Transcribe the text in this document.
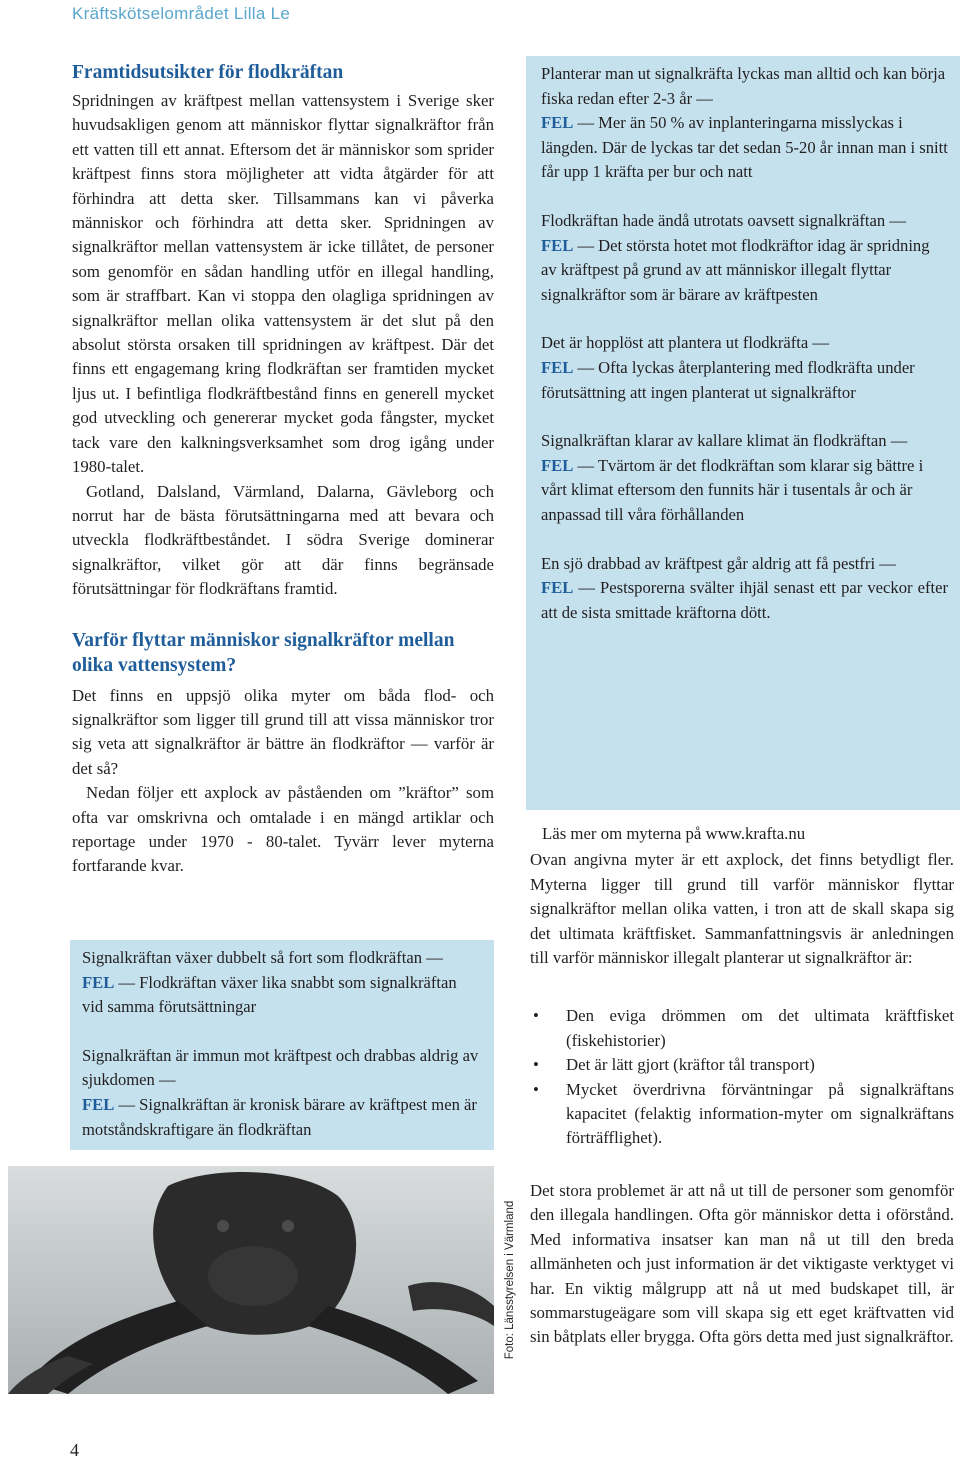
Kräftskötselområdet Lilla Le
Framtidsutsikter för flodkräftan

Spridningen av kräftpest mellan vattensystem i Sverige sker huvudsakligen genom att människor flyttar signalkräftor från ett vatten till ett annat. Eftersom det är människor som sprider kräftpest finns stora möjligheter att vidta åtgärder för att förhindra att detta sker. Tillsammans kan vi påverka människor och förhindra att detta sker. Spridningen av signalkräftor mellan vattensystem är icke tillåtet, de personer som genomför en sådan handling utför en illegal handling, som är straffbart. Kan vi stoppa den olagliga spridningen av signalkräftor mellan olika vattensystem är det slut på den absolut största orsaken till spridningen av kräftpest. Där det finns ett engagemang kring flodkräftan ser framtiden mycket ljus ut. I befintliga flodkräftbestånd finns en generell mycket god utveckling och genererar mycket goda fångster, mycket tack vare den kalkningsverksamhet som drog igång under 1980-talet.

Gotland, Dalsland, Värmland, Dalarna, Gävleborg och norrut har de bästa förutsättningarna med att bevara och utveckla flodkräftbeståndet. I södra Sverige dominerar signalkräftor, vilket gör att där finns begränsade förutsättningar för flodkräftans framtid.

Varför flyttar människor signalkräftor mellan olika vattensystem?

Det finns en uppsjö olika myter om båda flod- och signalkräftor som ligger till grund till att vissa människor tror sig veta att signalkräftor är bättre än flodkräftor — varför är det så?

Nedan följer ett axplock av påståenden om ”kräftor” som ofta var omskrivna och omtalade i en mängd artiklar och reportage under 1970 - 80-talet. Tyvärr lever myterna fortfarande kvar.

Signalkräftan växer dubbelt så fort som flodkräftan —
FEL — Flodkräftan växer lika snabbt som signalkräftan vid samma förutsättningar

Signalkräftan är immun mot kräftpest och drabbas aldrig av sjukdomen —
FEL — Signalkräftan är kronisk bärare av kräftpest men är motståndskraftigare än flodkräftan

Planterar man ut signalkräfta lyckas man alltid och kan börja fiska redan efter 2-3 år —
FEL — Mer än 50 % av inplanteringarna misslyckas i längden. Där de lyckas tar det sedan 5-20 år innan man i snitt får upp 1 kräfta per bur och natt

Flodkräftan hade ändå utrotats oavsett signalkräftan —
FEL — Det största hotet mot flodkräftor idag är spridning av kräftpest på grund av att människor illegalt flyttar signalkräftor som är bärare av kräftpesten

Det är hopplöst att plantera ut flodkräfta —
FEL — Ofta lyckas återplantering med flodkräfta under förutsättning att ingen planterat ut signalkräftor

Signalkräftan klarar av kallare klimat än flodkräftan —
FEL — Tvärtom är det flodkräftan som klarar sig bättre i vårt klimat eftersom den funnits här i tusentals år och är anpassad till våra förhållanden

En sjö drabbad av kräftpest går aldrig att få pestfri —
FEL — Pestsporerna svälter ihjäl senast ett par veckor efter att de sista smittade kräftorna dött.

Läs mer om myterna på www.krafta.nu

Ovan angivna myter är ett axplock, det finns betydligt fler. Myterna ligger till grund till varför människor flyttar signalkräftor mellan olika vatten, i tron att de skall skapa sig det ultimata kräftfisket. Sammanfattningsvis är anledningen till varför människor illegalt planterar ut signalkräftor är:

• Den eviga drömmen om det ultimata kräftfisket (fiskehistorier)
• Det är lätt gjort (kräftor tål transport)
• Mycket överdrivna förväntningar på signalkräftans kapacitet (felaktig information-myter om signalkräftans förträfflighet).

Det stora problemet är att nå ut till de personer som genomför den illegala handlingen. Ofta gör människor detta i oförstånd. Med informativa insatser kan man nå ut till den breda allmänheten och just information är det viktigaste verktyget vi har. En viktig målgrupp att nå ut med budskapet till, är sommarstugeägare som vill skapa sig ett eget kräftvatten vid sin båtplats eller brygga. Ofta görs detta med just signalkräftor.

Foto: Länsstyrelsen i Värmland
4
